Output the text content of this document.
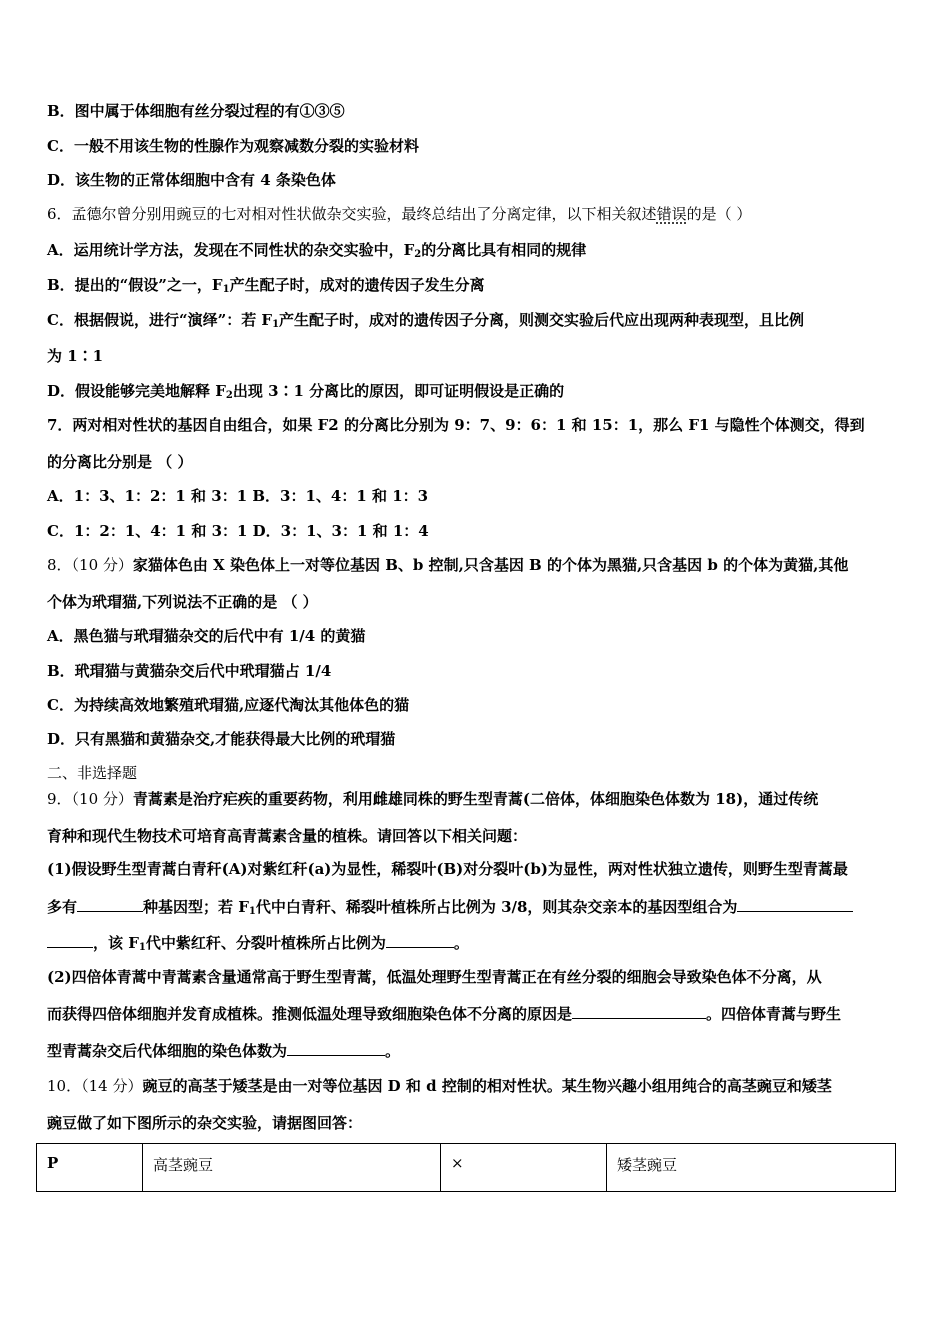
B．图中属于体细胞有丝分裂过程的有①③⑤
C．一般不用该生物的性腺作为观察减数分裂的实验材料
D．该生物的正常体细胞中含有 4 条染色体
6．孟德尔曾分别用豌豆的七对相对性状做杂交实验，最终总结出了分离定律，以下相关叙述错误的是（ ）
A．运用统计学方法，发现在不同性状的杂交实验中，$F_2$的分离比具有相同的规律
B．提出的“假设”之一，$F_1$产生配子时，成对的遗传因子发生分离
C．根据假说，进行“演绎”：若 $F_1$产生配子时，成对的遗传因子分离，则测交实验后代应出现两种表现型，且比例
为 1∶1
D．假设能够完美地解释 $F_2$出现 3∶1 分离比的原因，即可证明假设是正确的
7．两对相对性状的基因自由组合，如果 F2 的分离比分别为 9：7、9：6：1 和 15：1，那么 F1 与隐性个体测交，得到
的分离比分别是 （ ）
A．1：3、1：2：1 和 3：1 B．3：1、4：1 和 1：3
C．1：2：1、4：1 和 3：1 D．3：1、3：1 和 1：4
8．（10 分）家猫体色由 X 染色体上一对等位基因 B、b 控制,只含基因 B 的个体为黑猫,只含基因 b 的个体为黄猫,其他
个体为玳瑁猫,下列说法不正确的是 （ ）
A．黑色猫与玳瑁猫杂交的后代中有 1/4 的黄猫
B．玳瑁猫与黄猫杂交后代中玳瑁猫占 1/4
C．为持续高效地繁殖玳瑁猫,应逐代淘汰其他体色的猫
D．只有黑猫和黄猫杂交,才能获得最大比例的玳瑁猫
二、非选择题
9．（10 分）青蒿素是治疗疟疾的重要药物，利用雌雄同株的野生型青蒿(二倍体，体细胞染色体数为 18)，通过传统
育种和现代生物技术可培育高青蒿素含量的植株。请回答以下相关问题：
(1)假设野生型青蒿白青秆(A)对紫红秆(a)为显性，稀裂叶(B)对分裂叶(b)为显性，两对性状独立遗传，则野生型青蒿最
多有	种基因型；若 $F_1$代中白青秆、稀裂叶植株所占比例为 3/8，则其杂交亲本的基因型组合为
，该 $F_1$代中紫红秆、分裂叶植株所占比例为	。
(2)四倍体青蒿中青蒿素含量通常高于野生型青蒿，低温处理野生型青蒿正在有丝分裂的细胞会导致染色体不分离，从
而获得四倍体细胞并发育成植株。推测低温处理导致细胞染色体不分离的原因是	。四倍体青蒿与野生
型青蒿杂交后代体细胞的染色体数为	。
10．（14 分）豌豆的高茎于矮茎是由一对等位基因 D 和 d 控制的相对性状。某生物兴趣小组用纯合的高茎豌豆和矮茎
豌豆做了如下图所示的杂交实验，请据图回答：
P	高茎豌豆	×	矮茎豌豆
